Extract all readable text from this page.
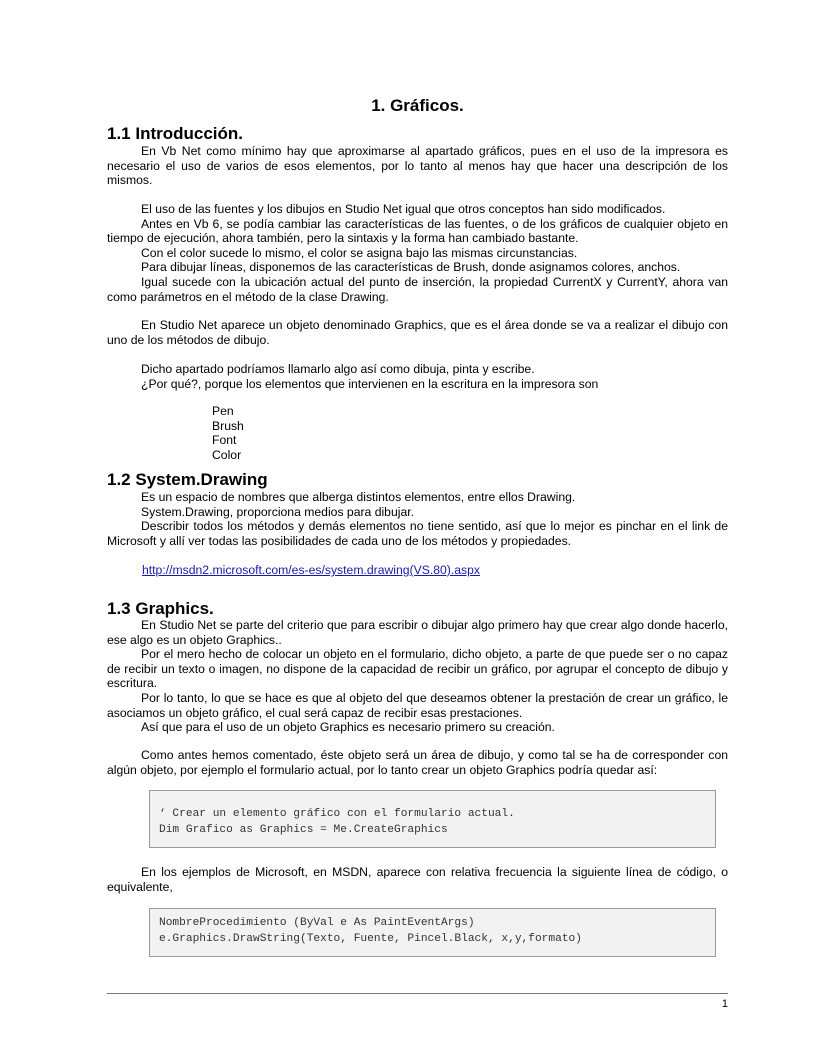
1. Gráficos.
1.1 Introducción.

En Vb Net como mínimo hay que aproximarse al apartado gráficos, pues en el uso de la impresora es necesario el uso de varios de esos elementos, por lo tanto al menos hay que hacer una descripción de los mismos.

El uso de las fuentes y los dibujos en Studio Net igual que otros conceptos han sido modificados.

Antes en Vb 6, se podía cambiar las características de las fuentes, o de los gráficos de cualquier objeto en tiempo de ejecución, ahora también, pero la sintaxis y la forma han cambiado bastante.

Con el color sucede lo mismo, el color se asigna bajo las mismas circunstancias.

Para dibujar líneas, disponemos de las características de Brush, donde asignamos colores, anchos.

Igual sucede con la ubicación actual del punto de inserción, la propiedad CurrentX y CurrentY, ahora van como parámetros en el método de la clase Drawing.

En Studio Net aparece un objeto denominado Graphics, que es el área donde se va a realizar el dibujo con uno de los métodos de dibujo.

Dicho apartado podríamos llamarlo algo así como dibuja, pinta y escribe.

¿Por qué?, porque los elementos que intervienen en la escritura en la impresora son

Pen
Brush
Font
Color
1.2 System.Drawing

Es un espacio de nombres que alberga distintos elementos, entre ellos Drawing.

System.Drawing, proporciona medios para dibujar.

Describir todos los métodos y demás elementos no tiene sentido, así que lo mejor es pinchar en el link de Microsoft y allí ver todas las posibilidades de cada uno de los métodos y propiedades.

http://msdn2.microsoft.com/es-es/system.drawing(VS.80).aspx
1.3 Graphics.

En Studio Net se parte del criterio que para escribir o dibujar algo primero hay que crear algo donde hacerlo, ese algo es un objeto Graphics..

Por el mero hecho de colocar un objeto en el formulario, dicho objeto, a parte de que puede ser o no capaz de recibir un texto o imagen, no dispone de la capacidad de recibir un gráfico, por agrupar el concepto de dibujo y escritura.

Por lo tanto, lo que se hace es que al objeto del que deseamos obtener la prestación de crear un gráfico, le asociamos un objeto gráfico, el cual será capaz de recibir esas prestaciones.

Así que para el uso de un objeto Graphics es necesario primero su creación.

Como antes hemos comentado, éste objeto será un área de dibujo, y como tal se ha de corresponder con algún objeto, por ejemplo el formulario actual, por lo tanto crear un objeto Graphics podría quedar así:

‘ Crear un elemento gráfico con el formulario actual.
Dim Grafico as Graphics = Me.CreateGraphics

En los ejemplos de Microsoft, en MSDN, aparece con relativa frecuencia la siguiente línea de código, o equivalente,

NombreProcedimiento (ByVal e As PaintEventArgs)
e.Graphics.DrawString(Texto, Fuente, Pincel.Black, x,y,formato)
1
